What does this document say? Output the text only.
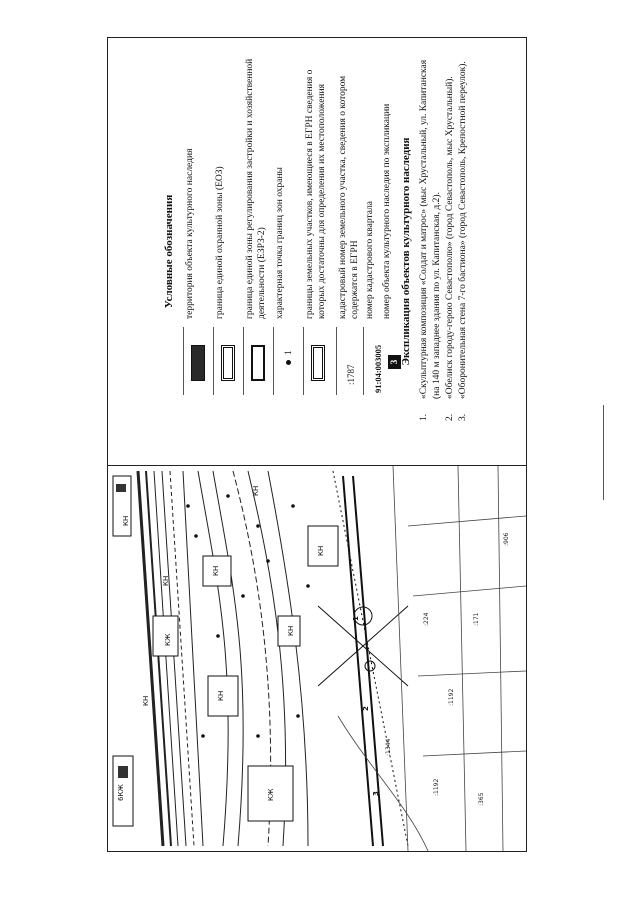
Условные обозначения территория объекта культурного наследия граница единой охранной зоны (ЕОЗ) граница единой зоны регулирования застройки и хозяйственной деятельности (ЕЗРЗ-2)
1
характерная точка границ зон охраны границы земельных участков, имеющиеся в ЕГРН сведения о которых достаточны для определения их местоположения
:1787
кадастровый номер земельного участка, сведения о котором содержатся в ЕГРН
91:04:003005
номер кадастрового квартала
3
номер объекта культурного наследия по экспликации Экспликация объектов культурного наследия
1.
«Скульптурная композиция «Солдат и матрос» (мыс Хрустальный, ул. Капитанская (на 140 м западнее здания по ул. Капитанская, д.2).
2.
«Обелиск городу-герою Севастополю» (город Севастополь, мыс Хрустальный).
3.
«Оборонительная стена 7-го бастиона» (город Севастополь, Крепостной переулок).
КН
КН
КЖ
КН
КН
КН
КН
6КЖ	КЖ
КН
КН
1
2
3
:1344
:1192
:224	:171
:365
:1192
:906
